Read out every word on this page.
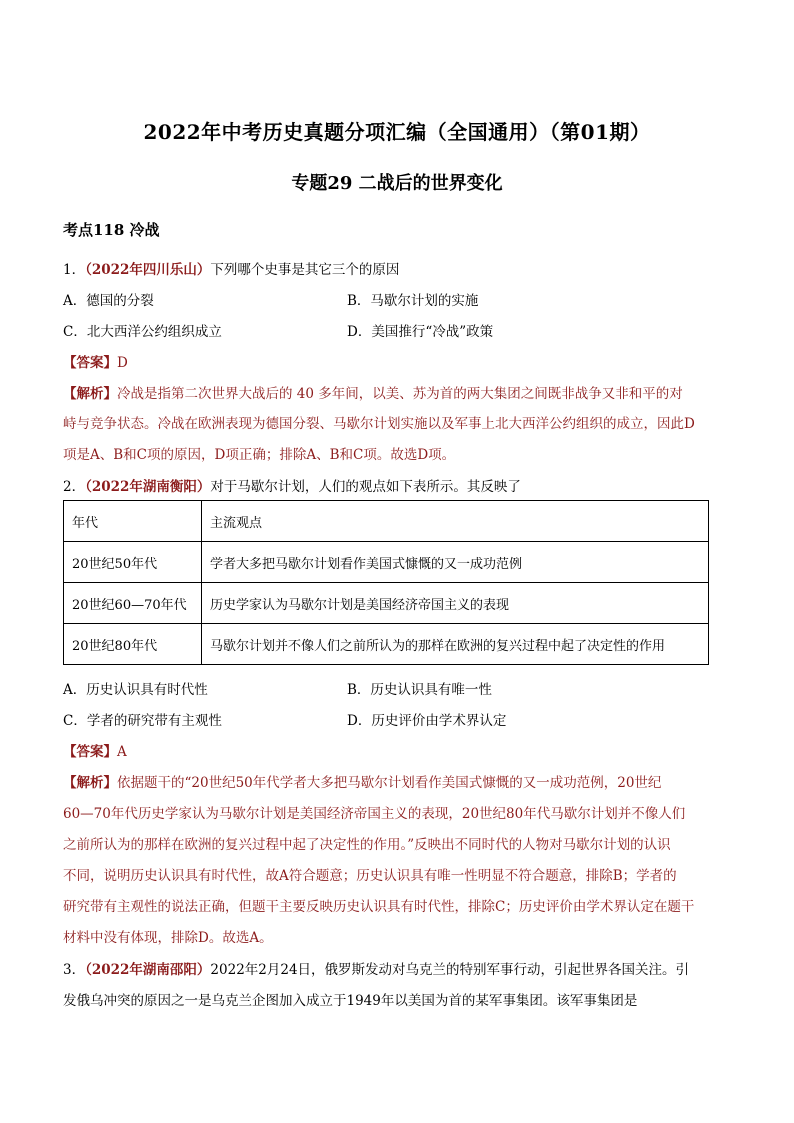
2022年中考历史真题分项汇编（全国通用）（第01期）
专题29 二战后的世界变化
考点118 冷战
1．（2022年四川乐山）下列哪个史事是其它三个的原因
A．德国的分裂	B．马歇尔计划的实施
C．北大西洋公约组织成立	D．美国推行“冷战”政策
【答案】D
【解析】冷战是指第二次世界大战后的 40 多年间，以美、苏为首的两大集团之间既非战争又非和平的对
峙与竞争状态。冷战在欧洲表现为德国分裂、马歇尔计划实施以及军事上北大西洋公约组织的成立，因此D
项是A、B和C项的原因，D项正确；排除A、B和C项。故选D项。
2．（2022年湖南衡阳）对于马歇尔计划，人们的观点如下表所示。其反映了
年代	主流观点
20世纪50年代	学者大多把马歇尔计划看作美国式慷慨的又一成功范例
20世纪60—70年代	历史学家认为马歇尔计划是美国经济帝国主义的表现
20世纪80年代	马歇尔计划并不像人们之前所认为的那样在欧洲的复兴过程中起了决定性的作用
A．历史认识具有时代性	B．历史认识具有唯一性
C．学者的研究带有主观性	D．历史评价由学术界认定
【答案】A
【解析】依据题干的“20世纪50年代学者大多把马歇尔计划看作美国式慷慨的又一成功范例，20世纪
60—70年代历史学家认为马歇尔计划是美国经济帝国主义的表现，20世纪80年代马歇尔计划并不像人们
之前所认为的那样在欧洲的复兴过程中起了决定性的作用。”反映出不同时代的人物对马歇尔计划的认识
不同，说明历史认识具有时代性，故A符合题意；历史认识具有唯一性明显不符合题意，排除B；学者的
研究带有主观性的说法正确，但题干主要反映历史认识具有时代性，排除C；历史评价由学术界认定在题干
材料中没有体现，排除D。故选A。
3．（2022年湖南邵阳）2022年2月24日，俄罗斯发动对乌克兰的特别军事行动，引起世界各国关注。引
发俄乌冲突的原因之一是乌克兰企图加入成立于1949年以美国为首的某军事集团。该军事集团是
